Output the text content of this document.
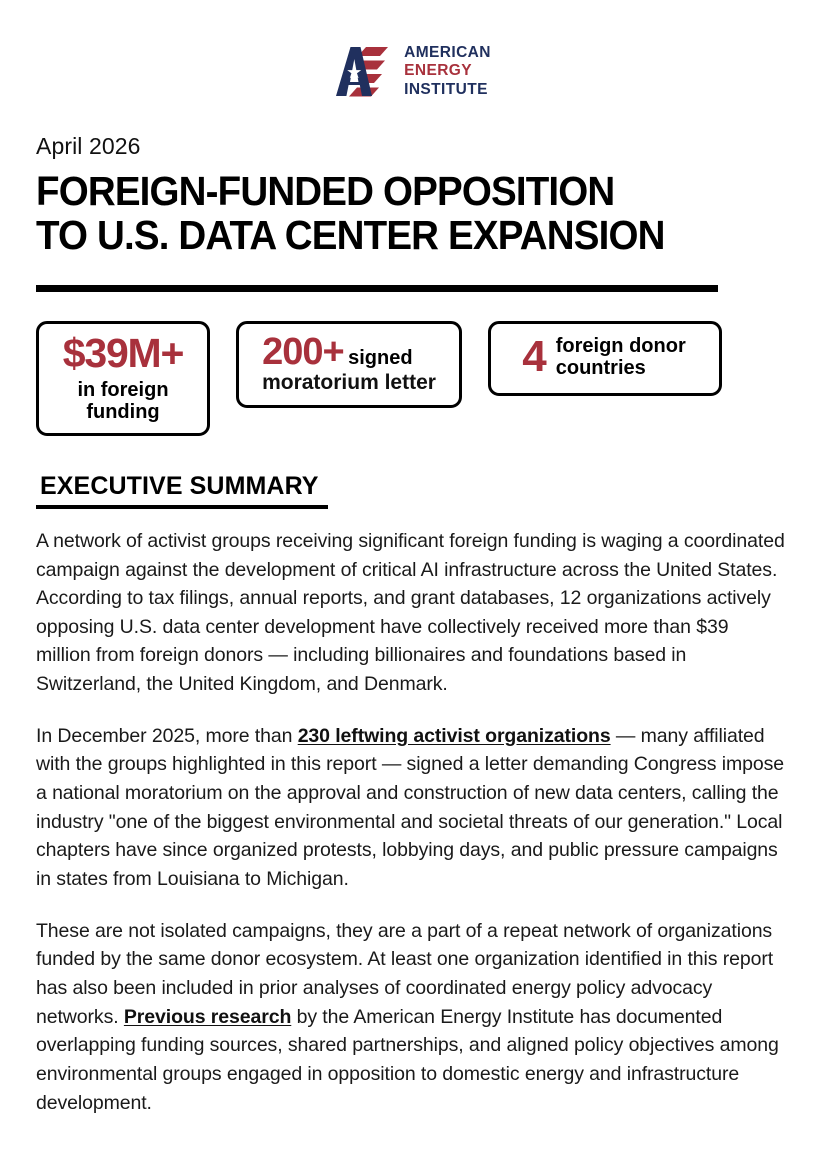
AMERICAN
ENERGY
INSTITUTE
April 2026
FOREIGN-FUNDED OPPOSITION
TO U.S. DATA CENTER EXPANSION
$39M+
in foreign
funding
200+ signed
moratorium letter
4 foreign donor
countries
EXECUTIVE SUMMARY

A network of activist groups receiving significant foreign funding is waging a coordinated campaign against the development of critical AI infrastructure across the United States. According to tax filings, annual reports, and grant databases, 12 organizations actively opposing U.S. data center development have collectively received more than $39 million from foreign donors — including billionaires and foundations based in Switzerland, the United Kingdom, and Denmark.

In December 2025, more than 230 leftwing activist organizations — many affiliated with the groups highlighted in this report — signed a letter demanding Congress impose a national moratorium on the approval and construction of new data centers, calling the industry "one of the biggest environmental and societal threats of our generation." Local chapters have since organized protests, lobbying days, and public pressure campaigns in states from Louisiana to Michigan.

These are not isolated campaigns, they are a part of a repeat network of organizations funded by the same donor ecosystem. At least one organization identified in this report has also been included in prior analyses of coordinated energy policy advocacy networks. Previous research by the American Energy Institute has documented overlapping funding sources, shared partnerships, and aligned policy objectives among environmental groups engaged in opposition to domestic energy and infrastructure development.
